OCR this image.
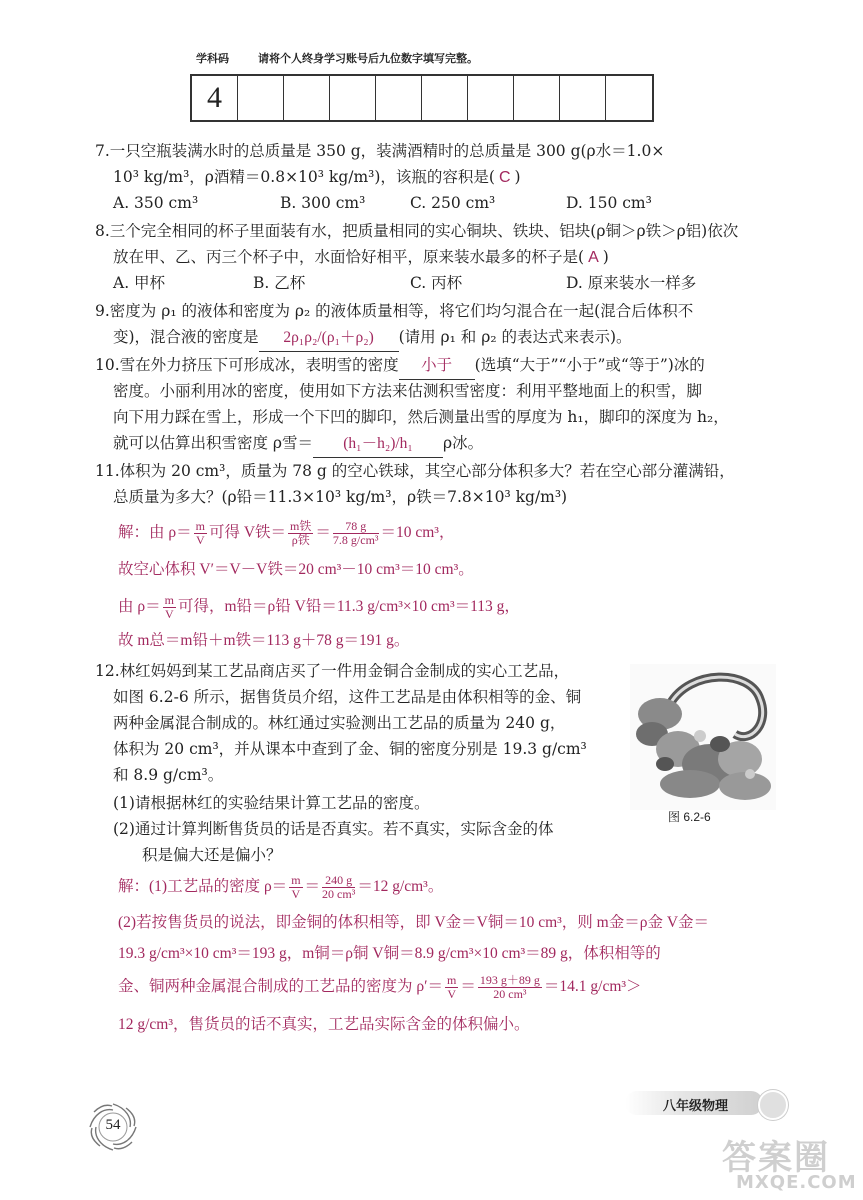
学科码	请将个人终身学习账号后九位数字填写完整。
4
7.一只空瓶装满水时的总质量是 350 g，装满酒精时的总质量是 300 g(ρ水＝1.0×
10³ kg/m³，ρ酒精＝0.8×10³ kg/m³)，该瓶的容积是( C )
A. 350 cm³	B. 300 cm³	C. 250 cm³	D. 150 cm³
8.三个完全相同的杯子里面装有水，把质量相同的实心铜块、铁块、铝块(ρ铜＞ρ铁＞ρ铝)依次
放在甲、乙、丙三个杯子中，水面恰好相平，原来装水最多的杯子是( A )
A. 甲杯	B. 乙杯	C. 丙杯	D. 原来装水一样多
9.密度为 ρ₁ 的液体和密度为 ρ₂ 的液体质量相等，将它们均匀混合在一起(混合后体积不
变)，混合液的密度是 2ρ₁ρ₂/(ρ₁＋ρ₂) (请用 ρ₁ 和 ρ₂ 的表达式来表示)。
10.雪在外力挤压下可形成冰，表明雪的密度 小于 (选填“大于”“小于”或“等于”)冰的
密度。小丽利用冰的密度，使用如下方法来估测积雪密度：利用平整地面上的积雪，脚
向下用力踩在雪上，形成一个下凹的脚印，然后测量出雪的厚度为 h₁，脚印的深度为 h₂，
就可以估算出积雪密度 ρ雪＝ (h₁－h₂)/h₁ ρ冰。
11.体积为 20 cm³，质量为 78 g 的空心铁球，其空心部分体积多大？若在空心部分灌满铅，
总质量为多大？(ρ铅＝11.3×10³ kg/m³，ρ铁＝7.8×10³ kg/m³)
解：由 $\rho= \frac{m}{V}$ 可得 V铁＝ $\frac{\text{m铁}}{\text{ρ铁}} = \frac{78 g}{\text{7.8 g/cm³}} =10$ cm³，
故空心体积 V′＝V－V铁＝20 cm³－10 cm³＝10 cm³。
由 $\rho= \frac{m}{V}$ 可得，m铅＝ρ铅 V铅＝11.3 g/cm³×10 cm³＝113 g，
故 m总＝m铅＋m铁＝113 g＋78 g＝191 g。
12.林红妈妈到某工艺品商店买了一件用金铜合金制成的实心工艺品，
如图 6.2-6 所示，据售货员介绍，这件工艺品是由体积相等的金、铜
两种金属混合制成的。林红通过实验测出工艺品的质量为 240 g，
体积为 20 cm³，并从课本中查到了金、铜的密度分别是 19.3 g/cm³
和 8.9 g/cm³。
(1)请根据林红的实验结果计算工艺品的密度。
(2)通过计算判断售货员的话是否真实。若不真实，实际含金的体
积是偏大还是偏小？
图 6.2-6
解：(1)工艺品的密度 $\rho= \frac{m}{V} = \frac{240 g}{\text{20 cm³}} =12$ g/cm³。
(2)若按售货员的说法，即金铜的体积相等，即 V金＝V铜＝10 cm³，则 m金＝ρ金 V金＝
19.3 g/cm³×10 cm³＝193 g，m铜＝ρ铜 V铜＝8.9 g/cm³×10 cm³＝89 g，体积相等的
金、铜两种金属混合制成的工艺品的密度为 $\rho'= \frac{m}{V} = \frac{193 g+89 g}{\text{20 cm³}} =14.1$ g/cm³＞
12 g/cm³，售货员的话不真实，工艺品实际含金的体积偏小。
54
八年级物理
答案圈
MXQE.COM
